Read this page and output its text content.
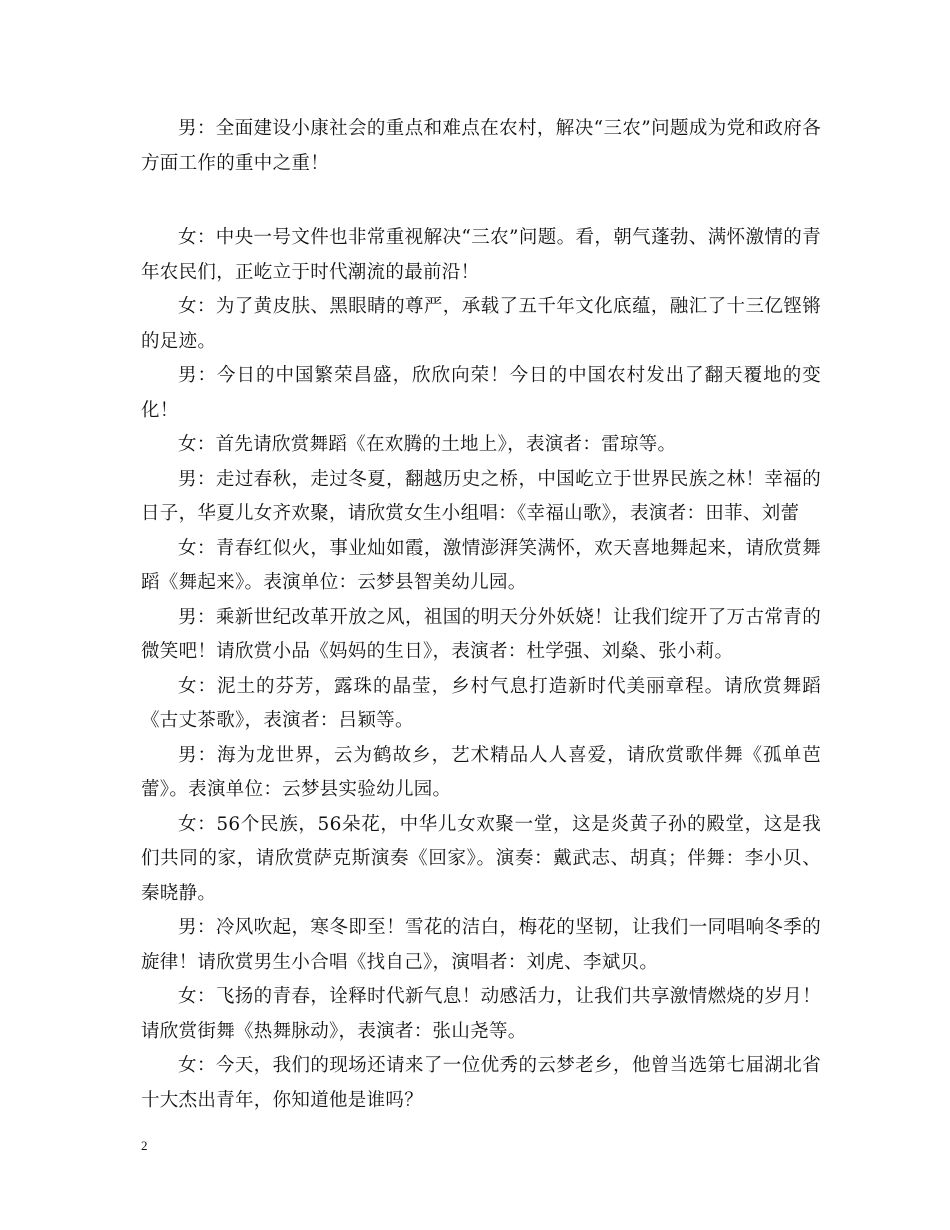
男：全面建设小康社会的重点和难点在农村，解决“三农”问题成为党和政府各方面工作的重中之重！

女：中央一号文件也非常重视解决“三农”问题。看，朝气蓬勃、满怀激情的青年农民们，正屹立于时代潮流的最前沿！

女：为了黄皮肤、黑眼睛的尊严，承载了五千年文化底蕴，融汇了十三亿铿锵的足迹。

男：今日的中国繁荣昌盛，欣欣向荣！今日的中国农村发出了翻天覆地的变化！

女：首先请欣赏舞蹈《在欢腾的土地上》，表演者：雷琼等。

男：走过春秋，走过冬夏，翻越历史之桥，中国屹立于世界民族之林！幸福的日子，华夏儿女齐欢聚，请欣赏女生小组唱：《幸福山歌》，表演者：田菲、刘蕾

女：青春红似火，事业灿如霞，激情澎湃笑满怀，欢天喜地舞起来，请欣赏舞蹈《舞起来》。表演单位：云梦县智美幼儿园。

男：乘新世纪改革开放之风，祖国的明天分外妖娆！让我们绽开了万古常青的微笑吧！请欣赏小品《妈妈的生日》，表演者：杜学强、刘燊、张小莉。

女：泥土的芬芳，露珠的晶莹，乡村气息打造新时代美丽章程。请欣赏舞蹈《古丈茶歌》，表演者：吕颖等。

男：海为龙世界，云为鹤故乡，艺术精品人人喜爱，请欣赏歌伴舞《孤单芭蕾》。表演单位：云梦县实验幼儿园。

女：56个民族，56朵花，中华儿女欢聚一堂，这是炎黄子孙的殿堂，这是我们共同的家，请欣赏萨克斯演奏《回家》。演奏：戴武志、胡真；伴舞：李小贝、秦晓静。

男：冷风吹起，寒冬即至！雪花的洁白，梅花的坚韧，让我们一同唱响冬季的旋律！请欣赏男生小合唱《找自己》，演唱者：刘虎、李斌贝。

女：飞扬的青春，诠释时代新气息！动感活力，让我们共享激情燃烧的岁月！请欣赏街舞《热舞脉动》，表演者：张山尧等。

女：今天，我们的现场还请来了一位优秀的云梦老乡，他曾当选第七届湖北省十大杰出青年，你知道他是谁吗？

2
